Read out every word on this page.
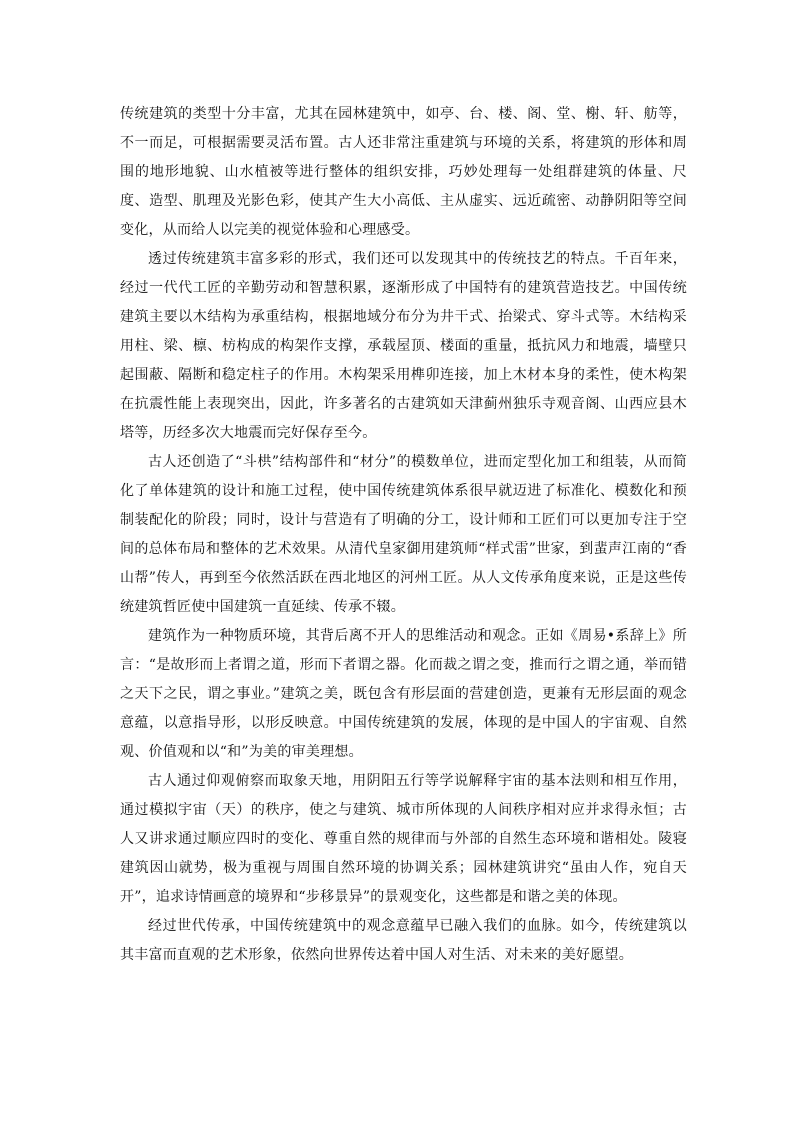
传统建筑的类型十分丰富，尤其在园林建筑中，如亭、台、楼、阁、堂、榭、轩、舫等，不一而足，可根据需要灵活布置。古人还非常注重建筑与环境的关系，将建筑的形体和周围的地形地貌、山水植被等进行整体的组织安排，巧妙处理每一处组群建筑的体量、尺度、造型、肌理及光影色彩，使其产生大小高低、主从虚实、远近疏密、动静阴阳等空间变化，从而给人以完美的视觉体验和心理感受。

透过传统建筑丰富多彩的形式，我们还可以发现其中的传统技艺的特点。千百年来，经过一代代工匠的辛勤劳动和智慧积累，逐渐形成了中国特有的建筑营造技艺。中国传统建筑主要以木结构为承重结构，根据地域分布分为井干式、抬梁式、穿斗式等。木结构采用柱、梁、檩、枋构成的构架作支撑，承载屋顶、楼面的重量，抵抗风力和地震，墙壁只起围蔽、隔断和稳定柱子的作用。木构架采用榫卯连接，加上木材本身的柔性，使木构架在抗震性能上表现突出，因此，许多著名的古建筑如天津蓟州独乐寺观音阁、山西应县木塔等，历经多次大地震而完好保存至今。

古人还创造了“斗栱”结构部件和“材分”的模数单位，进而定型化加工和组装，从而简化了单体建筑的设计和施工过程，使中国传统建筑体系很早就迈进了标准化、模数化和预制装配化的阶段；同时，设计与营造有了明确的分工，设计师和工匠们可以更加专注于空间的总体布局和整体的艺术效果。从清代皇家御用建筑师“样式雷”世家，到蜚声江南的“香山帮”传人，再到至今依然活跃在西北地区的河州工匠。从人文传承角度来说，正是这些传统建筑哲匠使中国建筑一直延续、传承不辍。

建筑作为一种物质环境，其背后离不开人的思维活动和观念。正如《周易•系辞上》所言：“是故形而上者谓之道，形而下者谓之器。化而裁之谓之变，推而行之谓之通，举而错之天下之民，谓之事业。”建筑之美，既包含有形层面的营建创造，更兼有无形层面的观念意蕴，以意指导形，以形反映意。中国传统建筑的发展，体现的是中国人的宇宙观、自然观、价值观和以“和”为美的审美理想。

古人通过仰观俯察而取象天地，用阴阳五行等学说解释宇宙的基本法则和相互作用，通过模拟宇宙（天）的秩序，使之与建筑、城市所体现的人间秩序相对应并求得永恒；古人又讲求通过顺应四时的变化、尊重自然的规律而与外部的自然生态环境和谐相处。陵寝建筑因山就势，极为重视与周围自然环境的协调关系；园林建筑讲究“虽由人作，宛自天开”，追求诗情画意的境界和“步移景异”的景观变化，这些都是和谐之美的体现。

经过世代传承，中国传统建筑中的观念意蕴早已融入我们的血脉。如今，传统建筑以其丰富而直观的艺术形象，依然向世界传达着中国人对生活、对未来的美好愿望。
